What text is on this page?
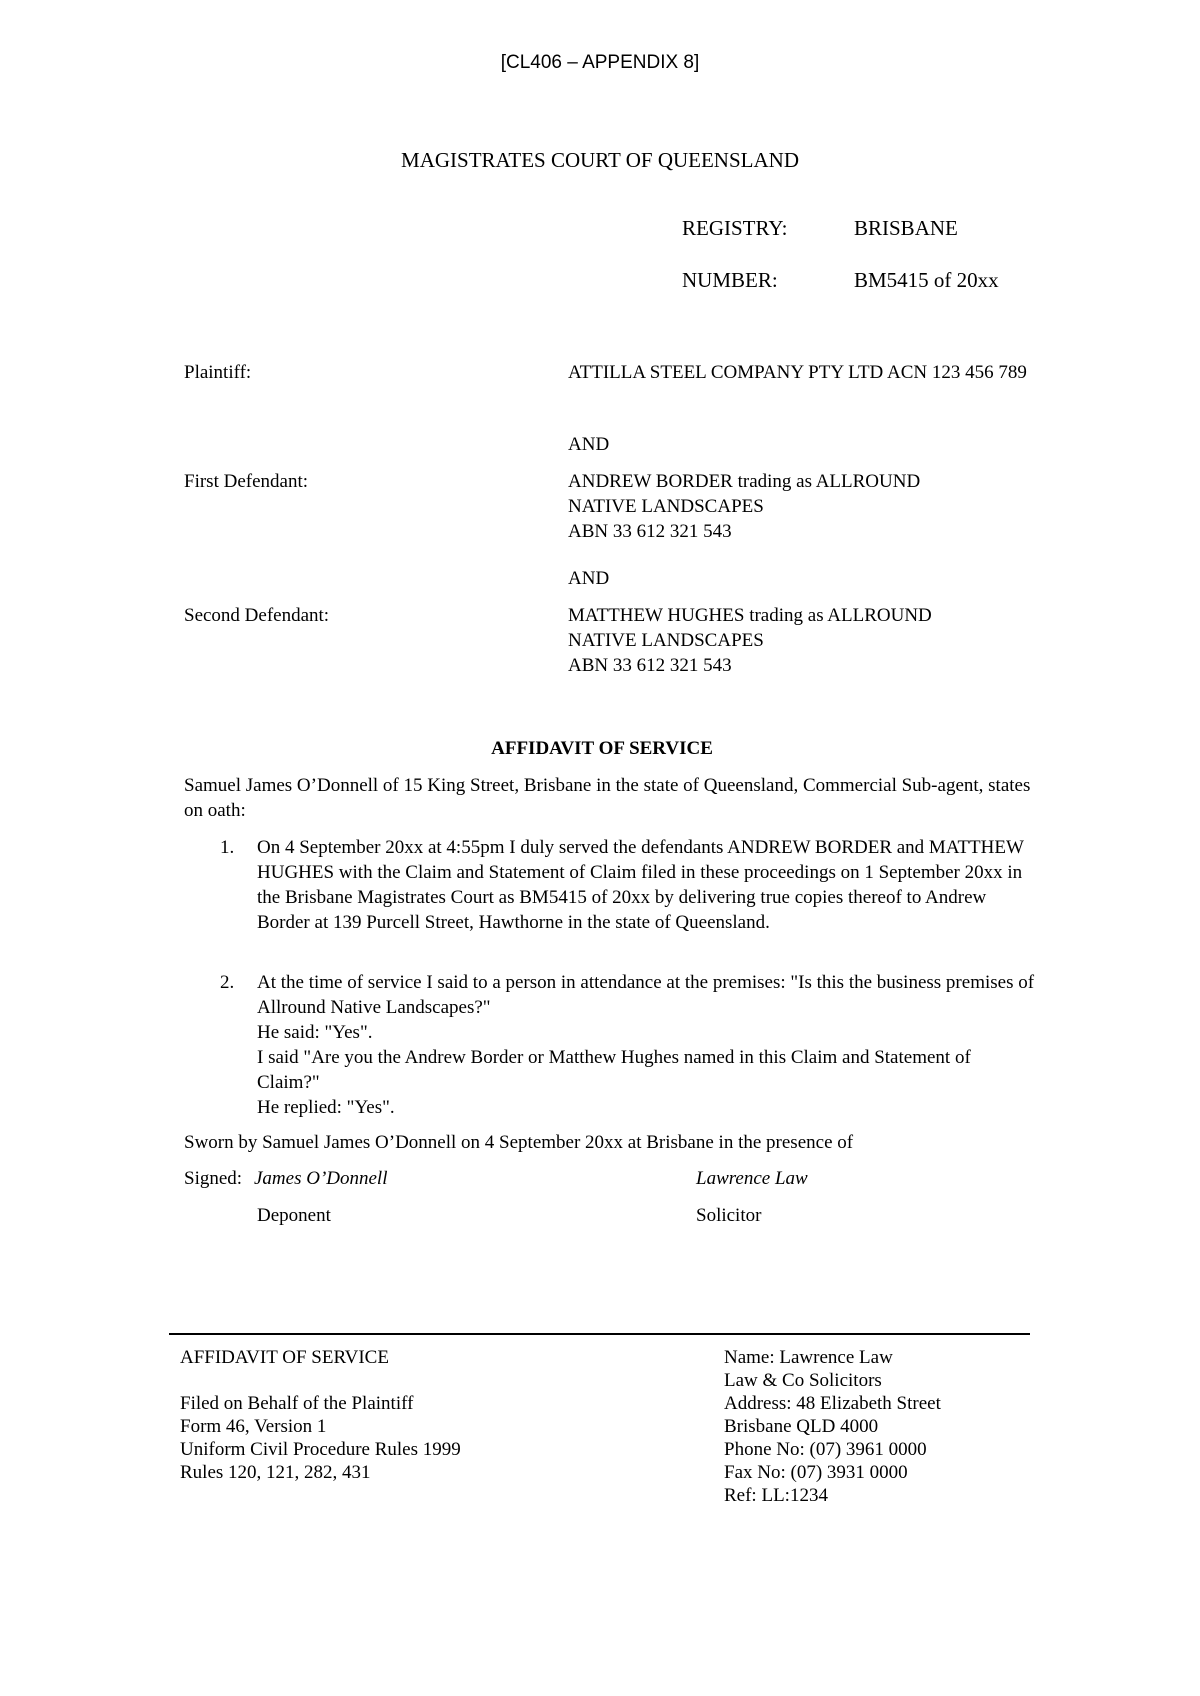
[CL406 – APPENDIX 8]
MAGISTRATES COURT OF QUEENSLAND
REGISTRY:	BRISBANE
NUMBER:	BM5415 of 20xx
Plaintiff:	ATTILLA STEEL COMPANY PTY LTD ACN 123 456 789
AND
First Defendant:	ANDREW BORDER trading as ALLROUND
NATIVE LANDSCAPES
ABN 33 612 321 543
AND
Second Defendant:	MATTHEW HUGHES trading as ALLROUND
NATIVE LANDSCAPES
ABN 33 612 321 543
AFFIDAVIT OF SERVICE
Samuel James O’Donnell of 15 King Street, Brisbane in the state of Queensland, Commercial Sub-agent, states on oath:
1. On 4 September 20xx at 4:55pm I duly served the defendants ANDREW BORDER and MATTHEW HUGHES with the Claim and Statement of Claim filed in these proceedings on 1 September 20xx in the Brisbane Magistrates Court as BM5415 of 20xx by delivering true copies thereof to Andrew Border at 139 Purcell Street, Hawthorne in the state of Queensland.
2. At the time of service I said to a person in attendance at the premises: "Is this the business premises of Allround Native Landscapes?"
He said: "Yes".
I said "Are you the Andrew Border or Matthew Hughes named in this Claim and Statement of Claim?"
He replied: "Yes".
Sworn by Samuel James O’Donnell on 4 September 20xx at Brisbane in the presence of
Signed: James O’Donnell	Lawrence Law
Deponent	Solicitor
AFFIDAVIT OF SERVICE
Filed on Behalf of the Plaintiff
Form 46, Version 1
Uniform Civil Procedure Rules 1999
Rules 120, 121, 282, 431
Name: Lawrence Law
Law & Co Solicitors
Address: 48 Elizabeth Street
Brisbane QLD 4000
Phone No: (07) 3961 0000
Fax No: (07) 3931 0000
Ref: LL:1234
